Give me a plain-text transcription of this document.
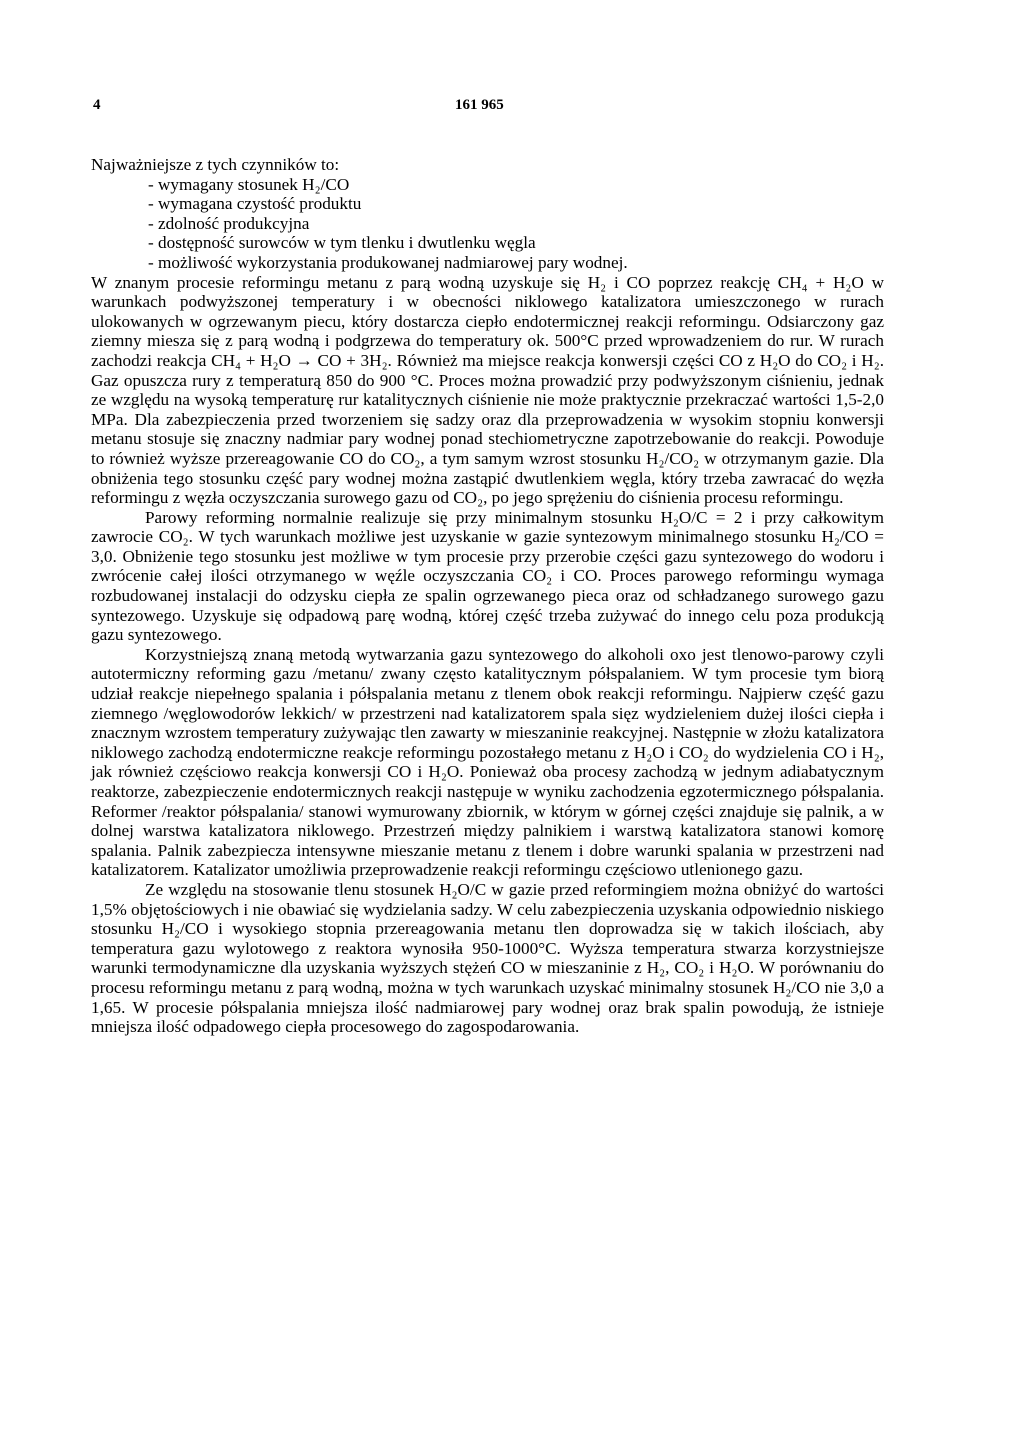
4	161 965

Najważniejsze z tych czynników to:

- wymagany stosunek H₂/CO
- wymagana czystość produktu
- zdolność produkcyjna
- dostępność surowców w tym tlenku i dwutlenku węgla
- możliwość wykorzystania produkowanej nadmiarowej pary wodnej.

W znanym procesie reformingu metanu z parą wodną uzyskuje się H₂ i CO poprzez reakcję CH₄ + H₂O w warunkach podwyższonej temperatury i w obecności niklowego katalizatora umieszczonego w rurach ulokowanych w ogrzewanym piecu, który dostarcza ciepło endotermicznej reakcji reformingu. Odsiarczony gaz ziemny miesza się z parą wodną i podgrzewa do temperatury ok. 500°C przed wprowadzeniem do rur. W rurach zachodzi reakcja CH₄ + H₂O → CO + 3H₂. Również ma miejsce reakcja konwersji części CO z H₂O do CO₂ i H₂. Gaz opuszcza rury z temperaturą 850 do 900 °C. Proces można prowadzić przy podwyższonym ciśnieniu, jednak ze względu na wysoką temperaturę rur katalitycznych ciśnienie nie może praktycznie przekraczać wartości 1,5-2,0 MPa. Dla zabezpieczenia przed tworzeniem się sadzy oraz dla przeprowadzenia w wysokim stopniu konwersji metanu stosuje się znaczny nadmiar pary wodnej ponad stechiometryczne zapotrzebowanie do reakcji. Powoduje to również wyższe przereagowanie CO do CO₂, a tym samym wzrost stosunku H₂/CO₂ w otrzymanym gazie. Dla obniżenia tego stosunku część pary wodnej można zastąpić dwutlenkiem węgla, który trzeba zawracać do węzła reformingu z węzła oczyszczania surowego gazu od CO₂, po jego sprężeniu do ciśnienia procesu reformingu.

Parowy reforming normalnie realizuje się przy minimalnym stosunku H₂O/C = 2 i przy całkowitym zawrocie CO₂. W tych warunkach możliwe jest uzyskanie w gazie syntezowym minimalnego stosunku H₂/CO = 3,0. Obniżenie tego stosunku jest możliwe w tym procesie przy przerobie części gazu syntezowego do wodoru i zwrócenie całej ilości otrzymanego w węźle oczyszczania CO₂ i CO. Proces parowego reformingu wymaga rozbudowanej instalacji do odzysku ciepła ze spalin ogrzewanego pieca oraz od schładzanego surowego gazu syntezowego. Uzyskuje się odpadową parę wodną, której część trzeba zużywać do innego celu poza produkcją gazu syntezowego.

Korzystniejszą znaną metodą wytwarzania gazu syntezowego do alkoholi oxo jest tlenowo-parowy czyli autotermiczny reforming gazu /metanu/ zwany często katalitycznym półspalaniem. W tym procesie tym biorą udział reakcje niepełnego spalania i półspalania metanu z tlenem obok reakcji reformingu. Najpierw część gazu ziemnego /węglowodorów lekkich/ w przestrzeni nad katalizatorem spala sięz wydzieleniem dużej ilości ciepła i znacznym wzrostem temperatury zużywając tlen zawarty w mieszaninie reakcyjnej. Następnie w złożu katalizatora niklowego zachodzą endotermiczne reakcje reformingu pozostałego metanu z H₂O i CO₂ do wydzielenia CO i H₂, jak również częściowo reakcja konwersji CO i H₂O. Ponieważ oba procesy zachodzą w jednym adiabatycznym reaktorze, zabezpieczenie endotermicznych reakcji następuje w wyniku zachodzenia egzotermicznego półspalania. Reformer /reaktor półspalania/ stanowi wymurowany zbiornik, w którym w górnej części znajduje się palnik, a w dolnej warstwa katalizatora niklowego. Przestrzeń między palnikiem i warstwą katalizatora stanowi komorę spalania. Palnik zabezpiecza intensywne mieszanie metanu z tlenem i dobre warunki spalania w przestrzeni nad katalizatorem. Katalizator umożliwia przeprowadzenie reakcji reformingu częściowo utlenionego gazu.

Ze względu na stosowanie tlenu stosunek H₂O/C w gazie przed reformingiem można obniżyć do wartości 1,5% objętościowych i nie obawiać się wydzielania sadzy. W celu zabezpieczenia uzyskania odpowiednio niskiego stosunku H₂/CO i wysokiego stopnia przereagowania metanu tlen doprowadza się w takich ilościach, aby temperatura gazu wylotowego z reaktora wynosiła 950-1000°C. Wyższa temperatura stwarza korzystniejsze warunki termodynamiczne dla uzyskania wyższych stężeń CO w mieszaninie z H₂, CO₂ i H₂O. W porównaniu do procesu reformingu metanu z parą wodną, można w tych warunkach uzyskać minimalny stosunek H₂/CO nie 3,0 a 1,65. W procesie półspalania mniejsza ilość nadmiarowej pary wodnej oraz brak spalin powodują, że istnieje mniejsza ilość odpadowego ciepła procesowego do zagospodarowania.
